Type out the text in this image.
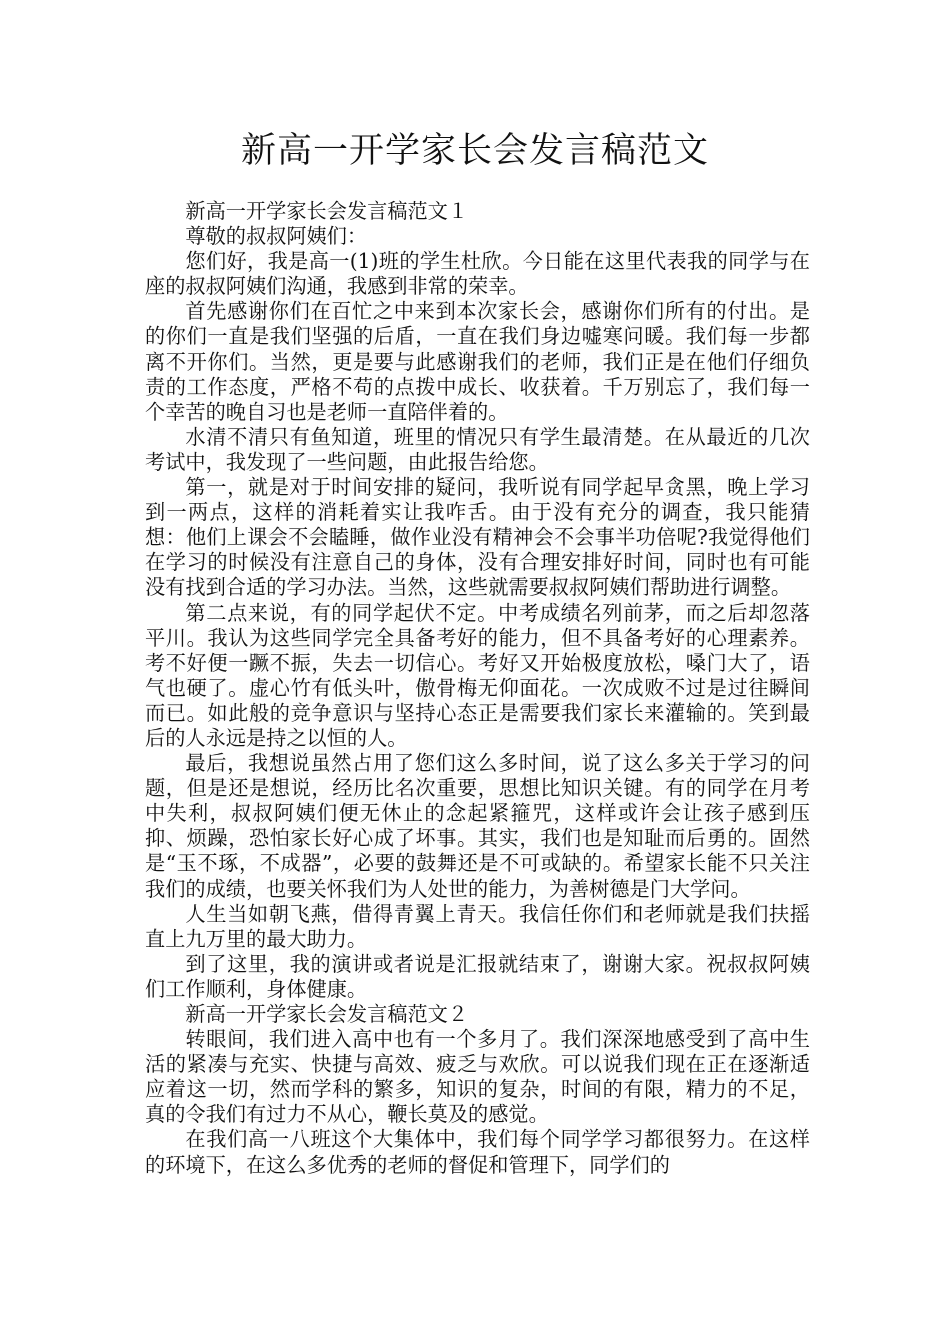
新高一开学家长会发言稿范文

新高一开学家长会发言稿范文１

尊敬的叔叔阿姨们：

您们好，我是高一(1)班的学生杜欣。今日能在这里代表我的同学与在座的叔叔阿姨们沟通，我感到非常的荣幸。

首先感谢你们在百忙之中来到本次家长会，感谢你们所有的付出。是的你们一直是我们坚强的后盾，一直在我们身边嘘寒问暖。我们每一步都离不开你们。当然，更是要与此感谢我们的老师，我们正是在他们仔细负责的工作态度，严格不苟的点拨中成长、收获着。千万别忘了，我们每一个幸苦的晚自习也是老师一直陪伴着的。

水清不清只有鱼知道，班里的情况只有学生最清楚。在从最近的几次考试中，我发现了一些问题，由此报告给您。

第一，就是对于时间安排的疑问，我听说有同学起早贪黑，晚上学习到一两点，这样的消耗着实让我咋舌。由于没有充分的调查，我只能猜想：他们上课会不会瞌睡，做作业没有精神会不会事半功倍呢?我觉得他们在学习的时候没有注意自己的身体，没有合理安排好时间，同时也有可能没有找到合适的学习办法。当然，这些就需要叔叔阿姨们帮助进行调整。

第二点来说，有的同学起伏不定。中考成绩名列前茅，而之后却忽落平川。我认为这些同学完全具备考好的能力，但不具备考好的心理素养。考不好便一蹶不振，失去一切信心。考好又开始极度放松，嗓门大了，语气也硬了。虚心竹有低头叶，傲骨梅无仰面花。一次成败不过是过往瞬间而已。如此般的竞争意识与坚持心态正是需要我们家长来灌输的。笑到最后的人永远是持之以恒的人。

最后，我想说虽然占用了您们这么多时间，说了这么多关于学习的问题，但是还是想说，经历比名次重要，思想比知识关键。有的同学在月考中失利，叔叔阿姨们便无休止的念起紧箍咒，这样或许会让孩子感到压抑、烦躁，恐怕家长好心成了坏事。其实，我们也是知耻而后勇的。固然是“玉不琢，不成器”，必要的鼓舞还是不可或缺的。希望家长能不只关注我们的成绩，也要关怀我们为人处世的能力，为善树德是门大学问。

人生当如朝飞燕，借得青翼上青天。我信任你们和老师就是我们扶摇直上九万里的最大助力。

到了这里，我的演讲或者说是汇报就结束了，谢谢大家。祝叔叔阿姨们工作顺利，身体健康。

新高一开学家长会发言稿范文２

转眼间，我们进入高中也有一个多月了。我们深深地感受到了高中生活的紧凑与充实、快捷与高效、疲乏与欢欣。可以说我们现在正在逐渐适应着这一切，然而学科的繁多，知识的复杂，时间的有限，精力的不足，真的令我们有过力不从心，鞭长莫及的感觉。

在我们高一八班这个大集体中，我们每个同学学习都很努力。在这样的环境下，在这么多优秀的老师的督促和管理下，同学们的
